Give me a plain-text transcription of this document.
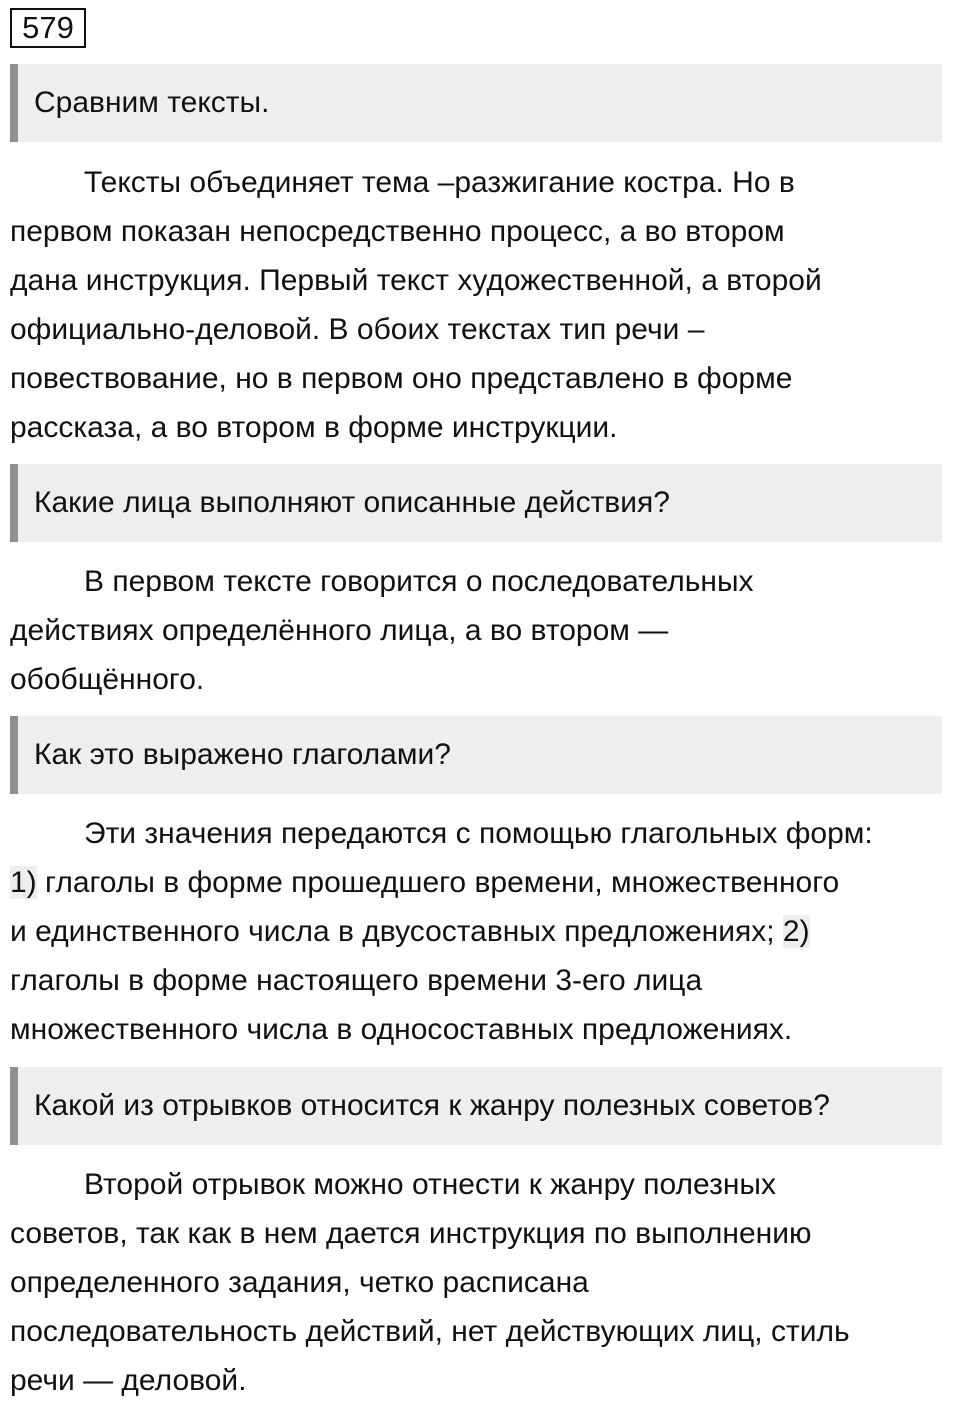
579
Сравним тексты.

Тексты объединяет тема –разжигание костра. Но в
первом показан непосредственно процесс, а во втором
дана инструкция. Первый текст художественной, а второй
официально-деловой. В обоих текстах тип речи –
повествование, но в первом оно представлено в форме
рассказа, а во втором в форме инструкции.

Какие лица выполняют описанные действия?

В первом тексте говорится о последовательных
действиях определённого лица, а во втором —
обобщённого.

Как это выражено глаголами?

Эти значения передаются с помощью глагольных форм:
1) глаголы в форме прошедшего времени, множественного
и единственного числа в двусоставных предложениях; 2)
глаголы в форме настоящего времени 3-его лица
множественного числа в односоставных предложениях.

Какой из отрывков относится к жанру полезных советов?

Второй отрывок можно отнести к жанру полезных
советов, так как в нем дается инструкция по выполнению
определенного задания, четко расписана
последовательность действий, нет действующих лиц, стиль
речи — деловой.
